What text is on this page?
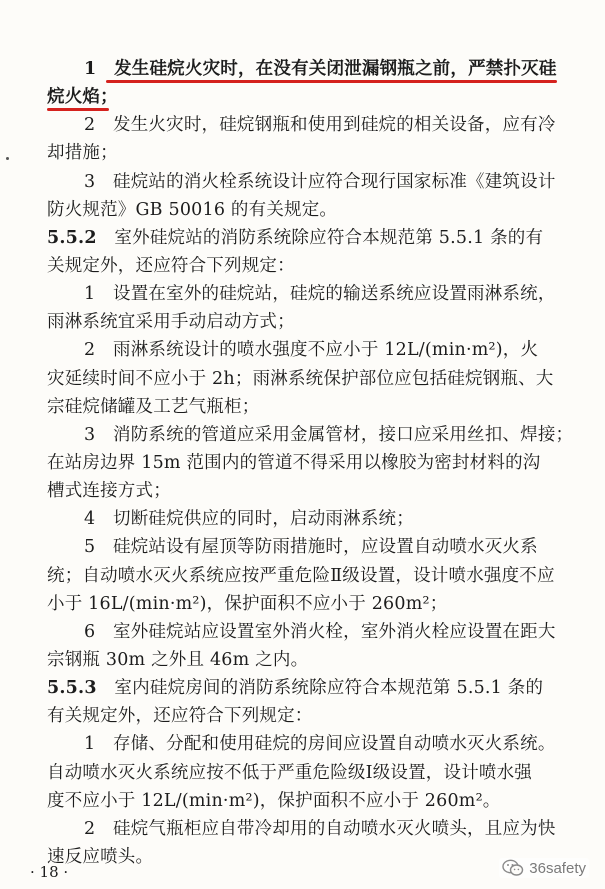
1　发生硅烷火灾时，在没有关闭泄漏钢瓶之前，严禁扑灭硅
烷火焰；
2　发生火灾时，硅烷钢瓶和使用到硅烷的相关设备，应有冷
却措施；
3　硅烷站的消火栓系统设计应符合现行国家标准《建筑设计
防火规范》GB 50016 的有关规定。
5.5.2　室外硅烷站的消防系统除应符合本规范第 5.5.1 条的有
关规定外，还应符合下列规定：
1　设置在室外的硅烷站，硅烷的输送系统应设置雨淋系统，
雨淋系统宜采用手动启动方式；
2　雨淋系统设计的喷水强度不应小于 12L/(min·m²)，火
灾延续时间不应小于 2h；雨淋系统保护部位应包括硅烷钢瓶、大
宗硅烷储罐及工艺气瓶柜；
3　消防系统的管道应采用金属管材，接口应采用丝扣、焊接；
在站房边界 15m 范围内的管道不得采用以橡胶为密封材料的沟
槽式连接方式；
4　切断硅烷供应的同时，启动雨淋系统；
5　硅烷站设有屋顶等防雨措施时，应设置自动喷水灭火系
统；自动喷水灭火系统应按严重危险Ⅱ级设置，设计喷水强度不应
小于 16L/(min·m²)，保护面积不应小于 260m²；
6　室外硅烷站应设置室外消火栓，室外消火栓应设置在距大
宗钢瓶 30m 之外且 46m 之内。
5.5.3　室内硅烷房间的消防系统除应符合本规范第 5.5.1 条的
有关规定外，还应符合下列规定：
1　存储、分配和使用硅烷的房间应设置自动喷水灭火系统。
自动喷水灭火系统应按不低于严重危险级Ⅰ级设置，设计喷水强
度不应小于 12L/(min·m²)，保护面积不应小于 260m²。
2　硅烷气瓶柜应自带冷却用的自动喷水灭火喷头，且应为快
速反应喷头。
· 18 ·	36safety
